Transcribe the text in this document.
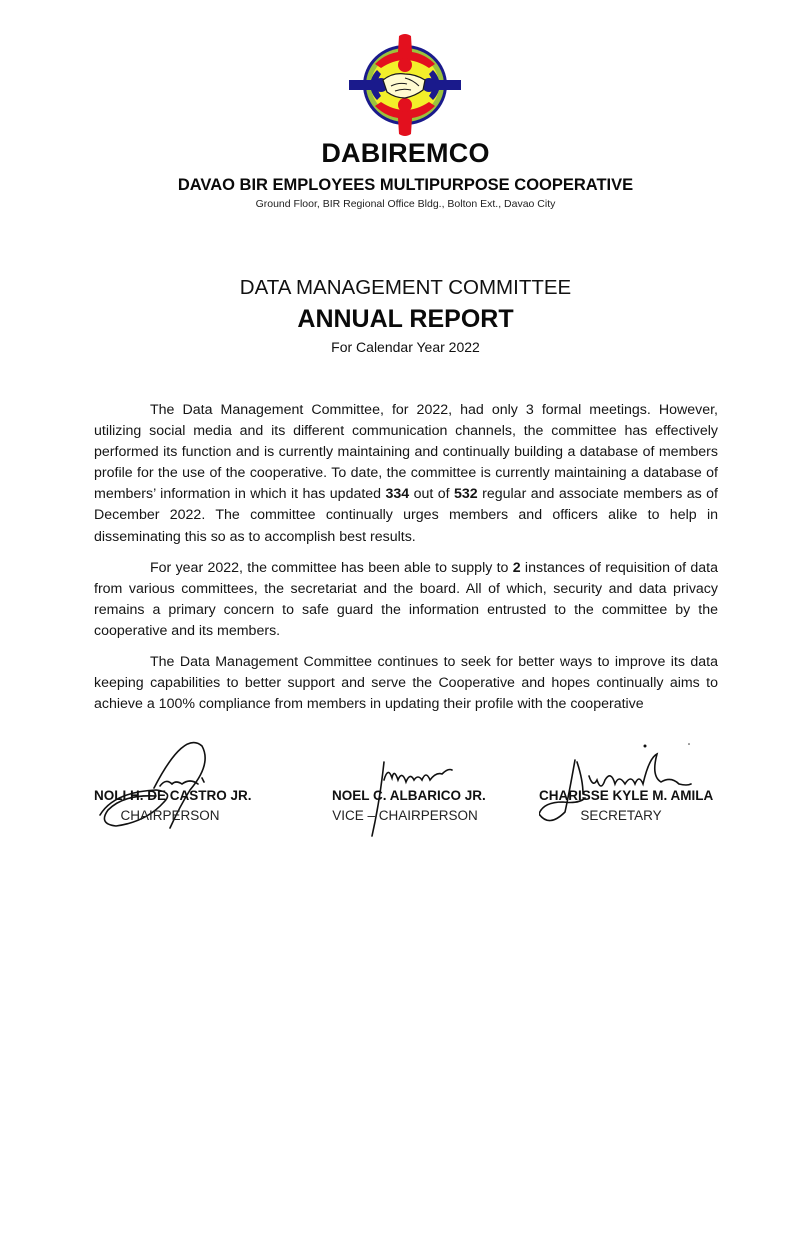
DABIREMCO
DAVAO BIR EMPLOYEES MULTIPURPOSE COOPERATIVE
Ground Floor, BIR Regional Office Bldg., Bolton Ext., Davao City
DATA MANAGEMENT COMMITTEE
ANNUAL REPORT
For Calendar Year 2022

The Data Management Committee, for 2022, had only 3 formal meetings. However, utilizing social media and its different communication channels, the committee has effectively performed its function and is currently maintaining and continually building a database of members profile for the use of the cooperative. To date, the committee is currently maintaining a database of members’ information in which it has updated 334 out of 532 regular and associate members as of December 2022. The committee continually urges members and officers alike to help in disseminating this so as to accomplish best results.

For year 2022, the committee has been able to supply to 2 instances of requisition of data from various committees, the secretariat and the board. All of which, security and data privacy remains a primary concern to safe guard the information entrusted to the committee by the cooperative and its members.

The Data Management Committee continues to seek for better ways to improve its data keeping capabilities to better support and serve the Cooperative and hopes continually aims to achieve a 100% compliance from members in updating their profile with the cooperative

NOLI H. DE CASTRO JR.
CHAIRPERSON
NOEL C. ALBARICO JR.
VICE – CHAIRPERSON
CHARISSE KYLE M. AMILA
SECRETARY
